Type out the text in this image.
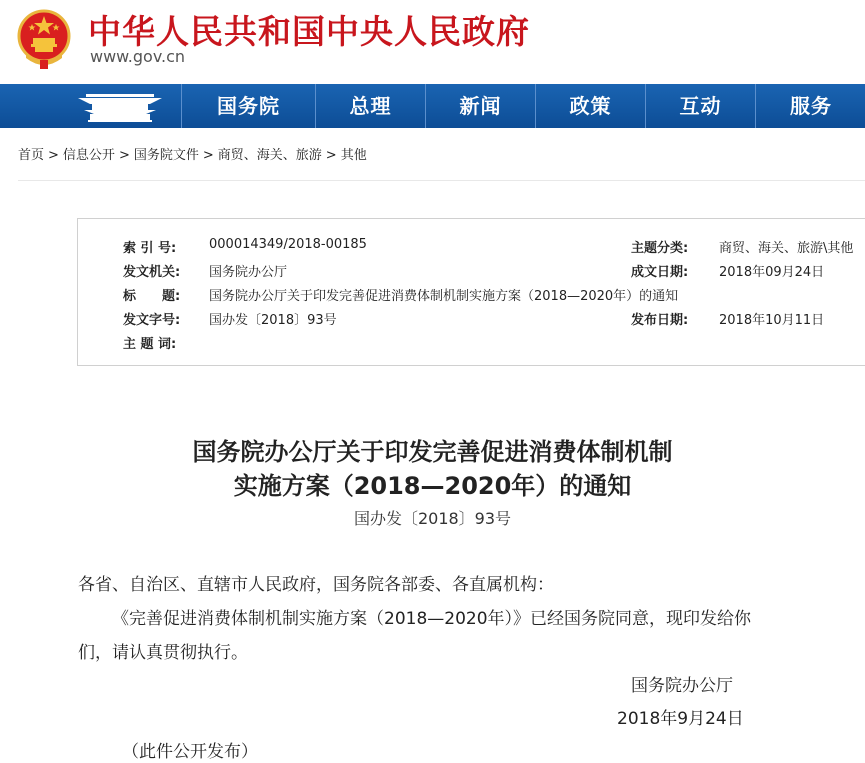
中华人民共和国中央人民政府
www.gov.cn
国务院	总理	新闻	政策	互动	服务
首页 > 信息公开 > 国务院文件 > 商贸、海关、旅游 > 其他
索 引 号:	000014349/2018-00185	主题分类: 商贸、海关、旅游\其他
发文机关: 国务院办公厅	成文日期: 2018年09月24日
标　　题: 国务院办公厅关于印发完善促进消费体制机制实施方案（2018—2020年）的通知
发文字号: 国办发〔2018〕93号	发布日期: 2018年10月11日
主 题 词:
国务院办公厅关于印发完善促进消费体制机制
实施方案（2018—2020年）的通知
国办发〔2018〕93号
各省、自治区、直辖市人民政府，国务院各部委、各直属机构：
《完善促进消费体制机制实施方案（2018—2020年）》已经国务院同意，现印发给你
们，请认真贯彻执行。
国务院办公厅
2018年9月24日
（此件公开发布）
